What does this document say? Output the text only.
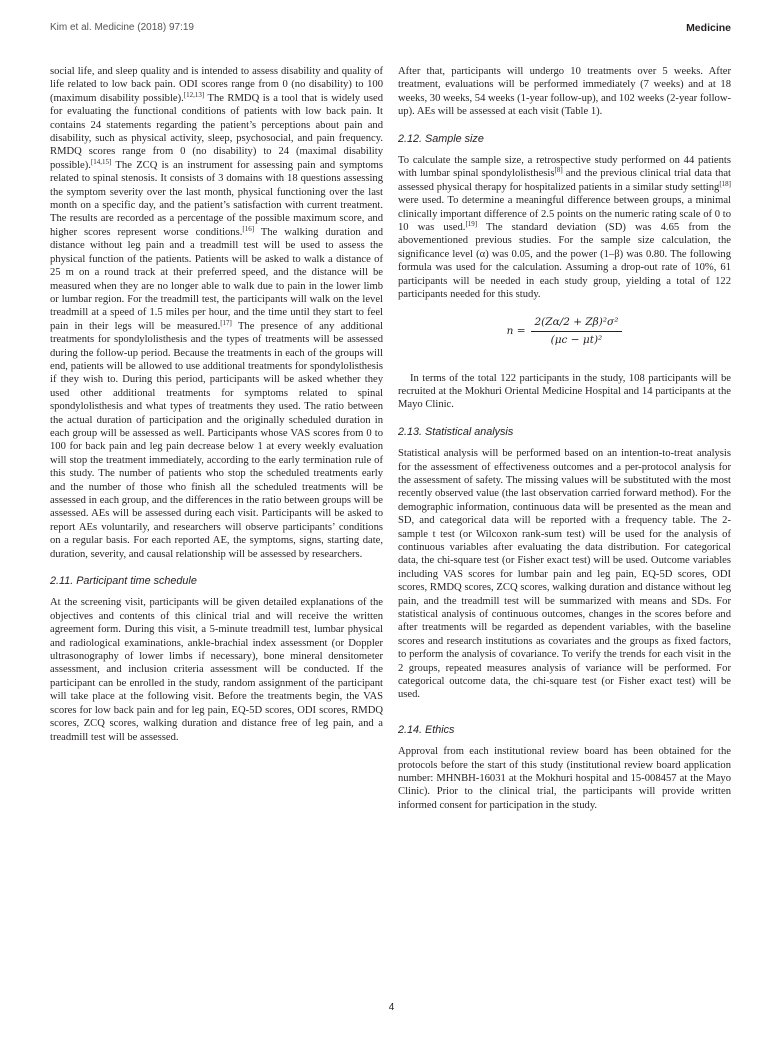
Kim et al. Medicine (2018) 97:19	Medicine

social life, and sleep quality and is intended to assess disability and quality of life related to low back pain. ODI scores range from 0 (no disability) to 100 (maximum disability possible).[12,13] The RMDQ is a tool that is widely used for evaluating the functional conditions of patients with low back pain. It contains 24 statements regarding the patient’s perceptions about pain and disability, such as physical activity, sleep, psychosocial, and pain frequency. RMDQ scores range from 0 (no disability) to 24 (maximal disability possible).[14,15] The ZCQ is an instrument for assessing pain and symptoms related to spinal stenosis. It consists of 3 domains with 18 questions assessing the symptom severity over the last month, physical functioning over the last month on a specific day, and the patient’s satisfaction with current treatment. The results are recorded as a percentage of the possible maximum score, and higher scores represent worse conditions.[16] The walking duration and distance without leg pain and a treadmill test will be used to assess the physical function of the patients. Patients will be asked to walk a distance of 25 m on a round track at their preferred speed, and the distance will be measured when they are no longer able to walk due to pain in the lower limb or lumbar region. For the treadmill test, the participants will walk on the level treadmill at a speed of 1.5 miles per hour, and the time until they start to feel pain in their legs will be measured.[17] The presence of any additional treatments for spondylolisthesis and the types of treatments will be assessed during the follow-up period. Because the treatments in each of the groups will end, patients will be allowed to use additional treatments for spondylolisthesis if they wish to. During this period, participants will be asked whether they used other additional treatments for symptoms related to spinal spondylolisthesis and what types of treatments they used. The ratio between the actual duration of participation and the originally scheduled duration in each group will be assessed as well. Participants whose VAS scores from 0 to 100 for back pain and leg pain decrease below 1 at every weekly evaluation will stop the treatment immediately, according to the early termination rule of this study. The number of patients who stop the scheduled treatments early and the number of those who finish all the scheduled treatments will be assessed in each group, and the differences in the ratio between groups will be assessed. AEs will be assessed during each visit. Participants will be asked to report AEs voluntarily, and researchers will observe participants’ conditions on a regular basis. For each reported AE, the symptoms, signs, starting date, duration, severity, and causal relationship will be assessed by researchers.

2.11. Participant time schedule

At the screening visit, participants will be given detailed explanations of the objectives and contents of this clinical trial and will receive the written agreement form. During this visit, a 5-minute treadmill test, lumbar physical and radiological examinations, ankle-brachial index assessment (or Doppler ultrasonography of lower limbs if necessary), bone mineral densitometer assessment, and inclusion criteria assessment will be conducted. If the participant can be enrolled in the study, random assignment of the participant will take place at the following visit. Before the treatments begin, the VAS scores for low back pain and for leg pain, EQ-5D scores, ODI scores, RMDQ scores, ZCQ scores, walking duration and distance free of leg pain, and a treadmill test will be assessed.

After that, participants will undergo 10 treatments over 5 weeks. After treatment, evaluations will be performed immediately (7 weeks) and at 18 weeks, 30 weeks, 54 weeks (1-year follow-up), and 102 weeks (2-year follow-up). AEs will be assessed at each visit (Table 1).

2.12. Sample size

To calculate the sample size, a retrospective study performed on 44 patients with lumbar spinal spondylolisthesis[8] and the previous clinical trial data that assessed physical therapy for hospitalized patients in a similar study setting[18] were used. To determine a meaningful difference between groups, a minimal clinically important difference of 2.5 points on the numeric rating scale of 0 to 10 was used.[19] The standard deviation (SD) was 4.65 from the abovementioned previous studies. For the sample size calculation, the significance level (α) was 0.05, and the power (1–β) was 0.80. The following formula was used for the calculation. Assuming a drop-out rate of 10%, 61 participants will be needed in each study group, yielding a total of 122 participants needed for this study.

$n = \frac{\text{2(Zα/2 + Zβ)²σ²}}{\text{(μc − μt)²}}$

In terms of the total 122 participants in the study, 108 participants will be recruited at the Mokhuri Oriental Medicine Hospital and 14 participants at the Mayo Clinic.

2.13. Statistical analysis

Statistical analysis will be performed based on an intention-to-treat analysis for the assessment of effectiveness outcomes and a per-protocol analysis for the assessment of safety. The missing values will be substituted with the most recently observed value (the last observation carried forward method). For the demographic information, continuous data will be presented as the mean and SD, and categorical data will be reported with a frequency table. The 2-sample t test (or Wilcoxon rank-sum test) will be used for the analysis of continuous variables after evaluating the data distribution. For categorical data, the chi-square test (or Fisher exact test) will be used. Outcome variables including VAS scores for lumbar pain and leg pain, EQ-5D scores, ODI scores, RMDQ scores, ZCQ scores, walking duration and distance without leg pain, and the treadmill test will be summarized with means and SDs. For statistical analysis of continuous outcomes, changes in the scores before and after treatments will be regarded as dependent variables, with the baseline scores and research institutions as covariates and the groups as fixed factors, to perform the analysis of covariance. To verify the trends for each visit in the 2 groups, repeated measures analysis of variance will be performed. For categorical outcome data, the chi-square test (or Fisher exact test) will be used.

2.14. Ethics

Approval from each institutional review board has been obtained for the protocols before the start of this study (institutional review board application number: MHNBH-16031 at the Mokhuri hospital and 15-008457 at the Mayo Clinic). Prior to the clinical trial, the participants will provide written informed consent for participation in the study.

4
